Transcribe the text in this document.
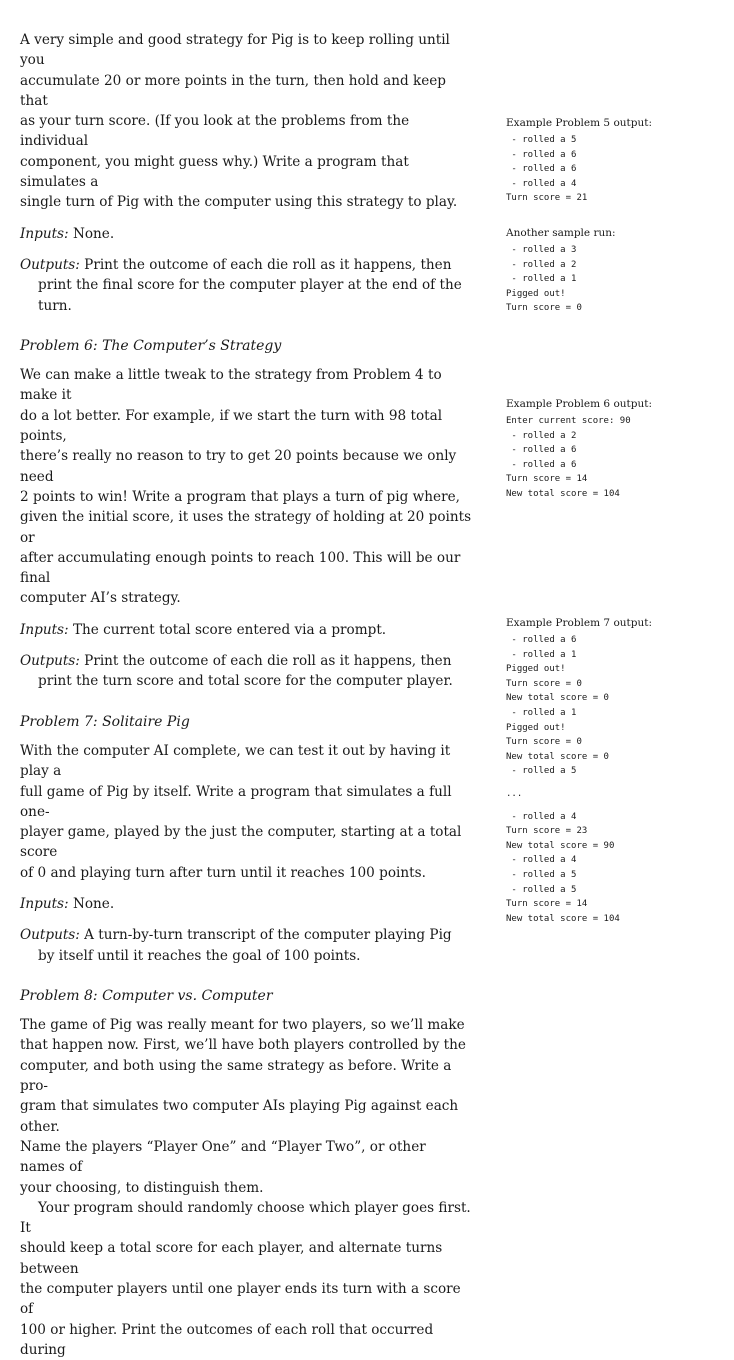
A very simple and good strategy for Pig is to keep rolling until you

accumulate 20 or more points in the turn, then hold and keep that

as your turn score. (If you look at the problems from the individual

component, you might guess why.) Write a program that simulates a

single turn of Pig with the computer using this strategy to play.

Inputs: None.

Outputs: Print the outcome of each die roll as it happens, then print the final score for the computer player at the end of the turn.

Problem 6: The Computer’s Strategy

We can make a little tweak to the strategy from Problem 4 to make it

do a lot better. For example, if we start the turn with 98 total points,

there’s really no reason to try to get 20 points because we only need

2 points to win! Write a program that plays a turn of pig where,

given the initial score, it uses the strategy of holding at 20 points or

after accumulating enough points to reach 100. This will be our final

computer AI’s strategy.

Inputs: The current total score entered via a prompt.

Outputs: Print the outcome of each die roll as it happens, then print the turn score and total score for the computer player.

Problem 7: Solitaire Pig

With the computer AI complete, we can test it out by having it play a

full game of Pig by itself. Write a program that simulates a full one-

player game, played by the just the computer, starting at a total score

of 0 and playing turn after turn until it reaches 100 points.

Inputs: None.

Outputs: A turn-by-turn transcript of the computer playing Pig by itself until it reaches the goal of 100 points.

Problem 8: Computer vs. Computer

The game of Pig was really meant for two players, so we’ll make

that happen now. First, we’ll have both players controlled by the

computer, and both using the same strategy as before. Write a pro-

gram that simulates two computer AIs playing Pig against each other.

Name the players “Player One” and “Player Two”, or other names of

your choosing, to distinguish them.

Your program should randomly choose which player goes first. It

should keep a total score for each player, and alternate turns between

the computer players until one player ends its turn with a score of

100 or higher. Print the outcomes of each roll that occurred during

Example Problem 5 output:
- rolled a 5
- rolled a 6
- rolled a 6
- rolled a 4
Turn score = 21
Another sample run:
- rolled a 3
- rolled a 2
- rolled a 1
Pigged out!
Turn score = 0
Example Problem 6 output:
Enter current score: 90
- rolled a 2
- rolled a 6
- rolled a 6
Turn score = 14
New total score = 104
Example Problem 7 output:
- rolled a 6
- rolled a 1
Pigged out!
Turn score = 0
New total score = 0
- rolled a 1
Pigged out!
Turn score = 0
New total score = 0
- rolled a 5
...
- rolled a 4
Turn score = 23
New total score = 90
- rolled a 4
- rolled a 5
- rolled a 5
Turn score = 14
New total score = 104
